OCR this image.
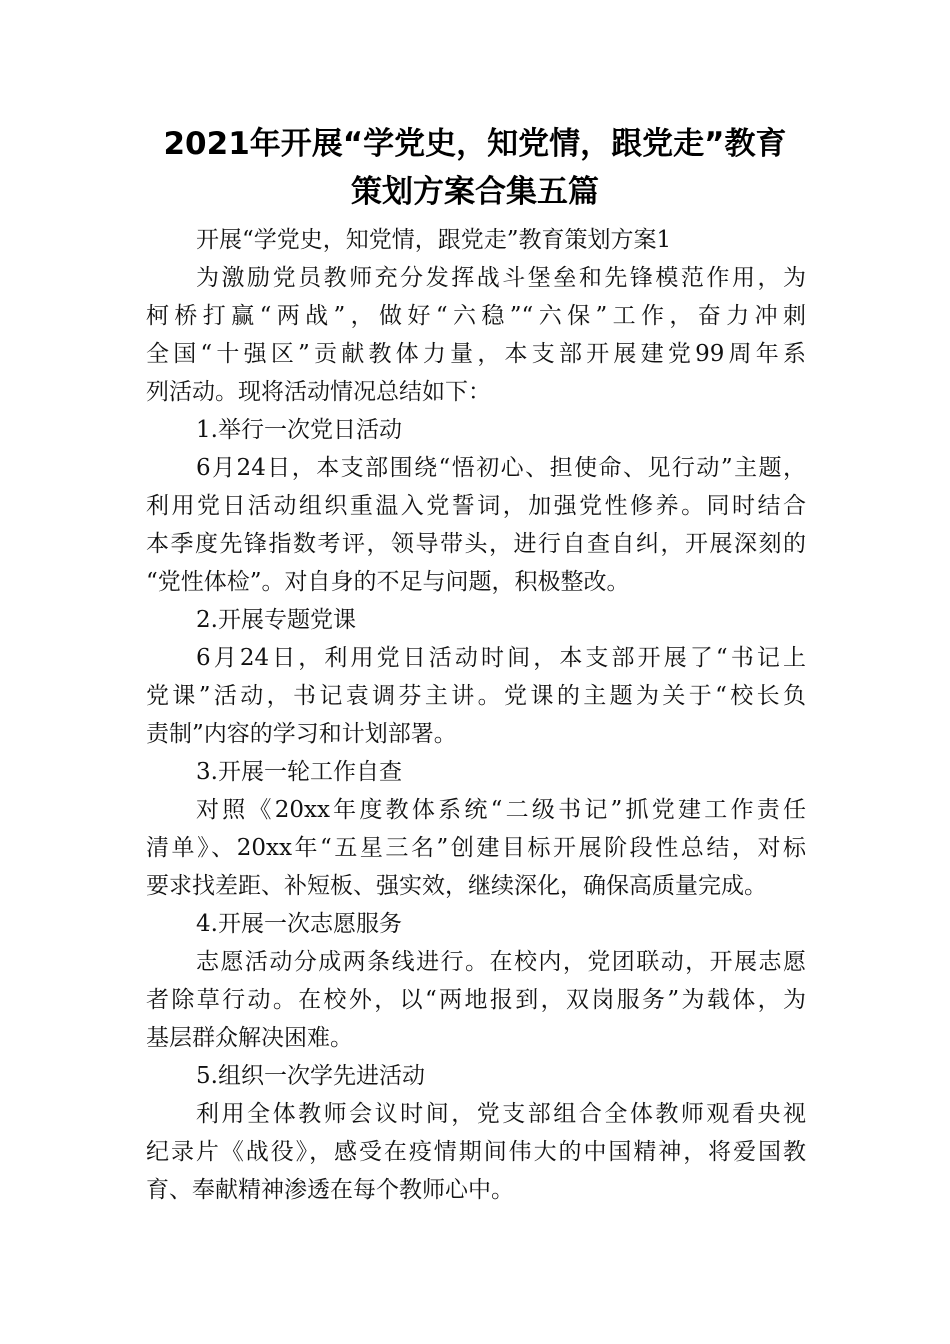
2021年开展“学党史，知党情，跟党走”教育
策划方案合集五篇
开展“学党史，知党情，跟党走”教育策划方案1
为激励党员教师充分发挥战斗堡垒和先锋模范作用，为
柯桥打赢“两战”，做好“六稳”“六保”工作，奋力冲刺
全国“十强区”贡献教体力量，本支部开展建党99周年系
列活动。现将活动情况总结如下：
1.举行一次党日活动
6月24日，本支部围绕“悟初心、担使命、见行动”主题，
利用党日活动组织重温入党誓词，加强党性修养。同时结合
本季度先锋指数考评，领导带头，进行自查自纠，开展深刻的
“党性体检”。对自身的不足与问题，积极整改。
2.开展专题党课
6月24日，利用党日活动时间，本支部开展了“书记上
党课”活动，书记袁调芬主讲。党课的主题为关于“校长负
责制”内容的学习和计划部署。
3.开展一轮工作自查
对照《20xx年度教体系统“二级书记”抓党建工作责任
清单》、20xx年“五星三名”创建目标开展阶段性总结，对标
要求找差距、补短板、强实效，继续深化，确保高质量完成。
4.开展一次志愿服务
志愿活动分成两条线进行。在校内，党团联动，开展志愿
者除草行动。在校外，以“两地报到，双岗服务”为载体，为
基层群众解决困难。
5.组织一次学先进活动
利用全体教师会议时间，党支部组合全体教师观看央视
纪录片《战役》，感受在疫情期间伟大的中国精神，将爱国教
育、奉献精神渗透在每个教师心中。
